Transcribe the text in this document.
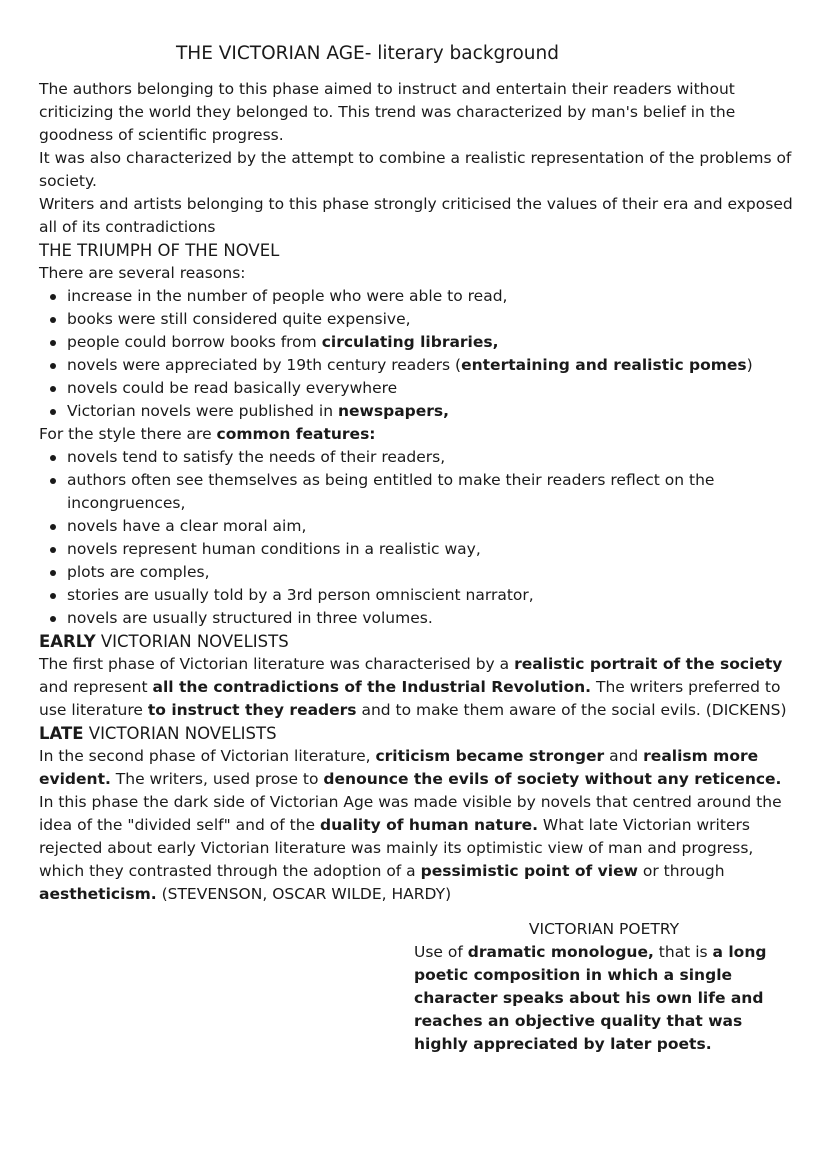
THE VICTORIAN AGE- literary background

The authors belonging to this phase aimed to instruct and entertain their readers without criticizing the world they belonged to. This trend was characterized by man's belief in the goodness of scientific progress.

It was also characterized by the attempt to combine a realistic representation of the problems of society.

Writers and artists belonging to this phase strongly criticised the values of their era and exposed all of its contradictions

THE TRIUMPH OF THE NOVEL

There are several reasons:

increase in the number of people who were able to read,
books were still considered quite expensive,
people could borrow books from circulating libraries,
novels were appreciated by 19th century readers (entertaining and realistic pomes)
novels could be read basically everywhere
Victorian novels were published in newspapers,

For the style there are common features:

novels tend to satisfy the needs of their readers,
authors often see themselves as being entitled to make their readers reflect on the incongruences,
novels have a clear moral aim,
novels represent human conditions in a realistic way,
plots are comples,
stories are usually told by a 3rd person omniscient narrator,
novels are usually structured in three volumes.

EARLY VICTORIAN NOVELISTS

The first phase of Victorian literature was characterised by a realistic portrait of the society and represent all the contradictions of the Industrial Revolution. The writers preferred to use literature to instruct they readers and to make them aware of the social evils. (DICKENS)

LATE VICTORIAN NOVELISTS

In the second phase of Victorian literature, criticism became stronger and realism more evident. The writers, used prose to denounce the evils of society without any reticence.

In this phase the dark side of Victorian Age was made visible by novels that centred around the idea of the "divided self" and of the duality of human nature. What late Victorian writers rejected about early Victorian literature was mainly its optimistic view of man and progress, which they contrasted through the adoption of a pessimistic point of view or through aestheticism. (STEVENSON, OSCAR WILDE, HARDY)

VICTORIAN POETRY

Use of dramatic monologue, that is a long poetic composition in which a single character speaks about his own life and reaches an objective quality that was highly appreciated by later poets.
